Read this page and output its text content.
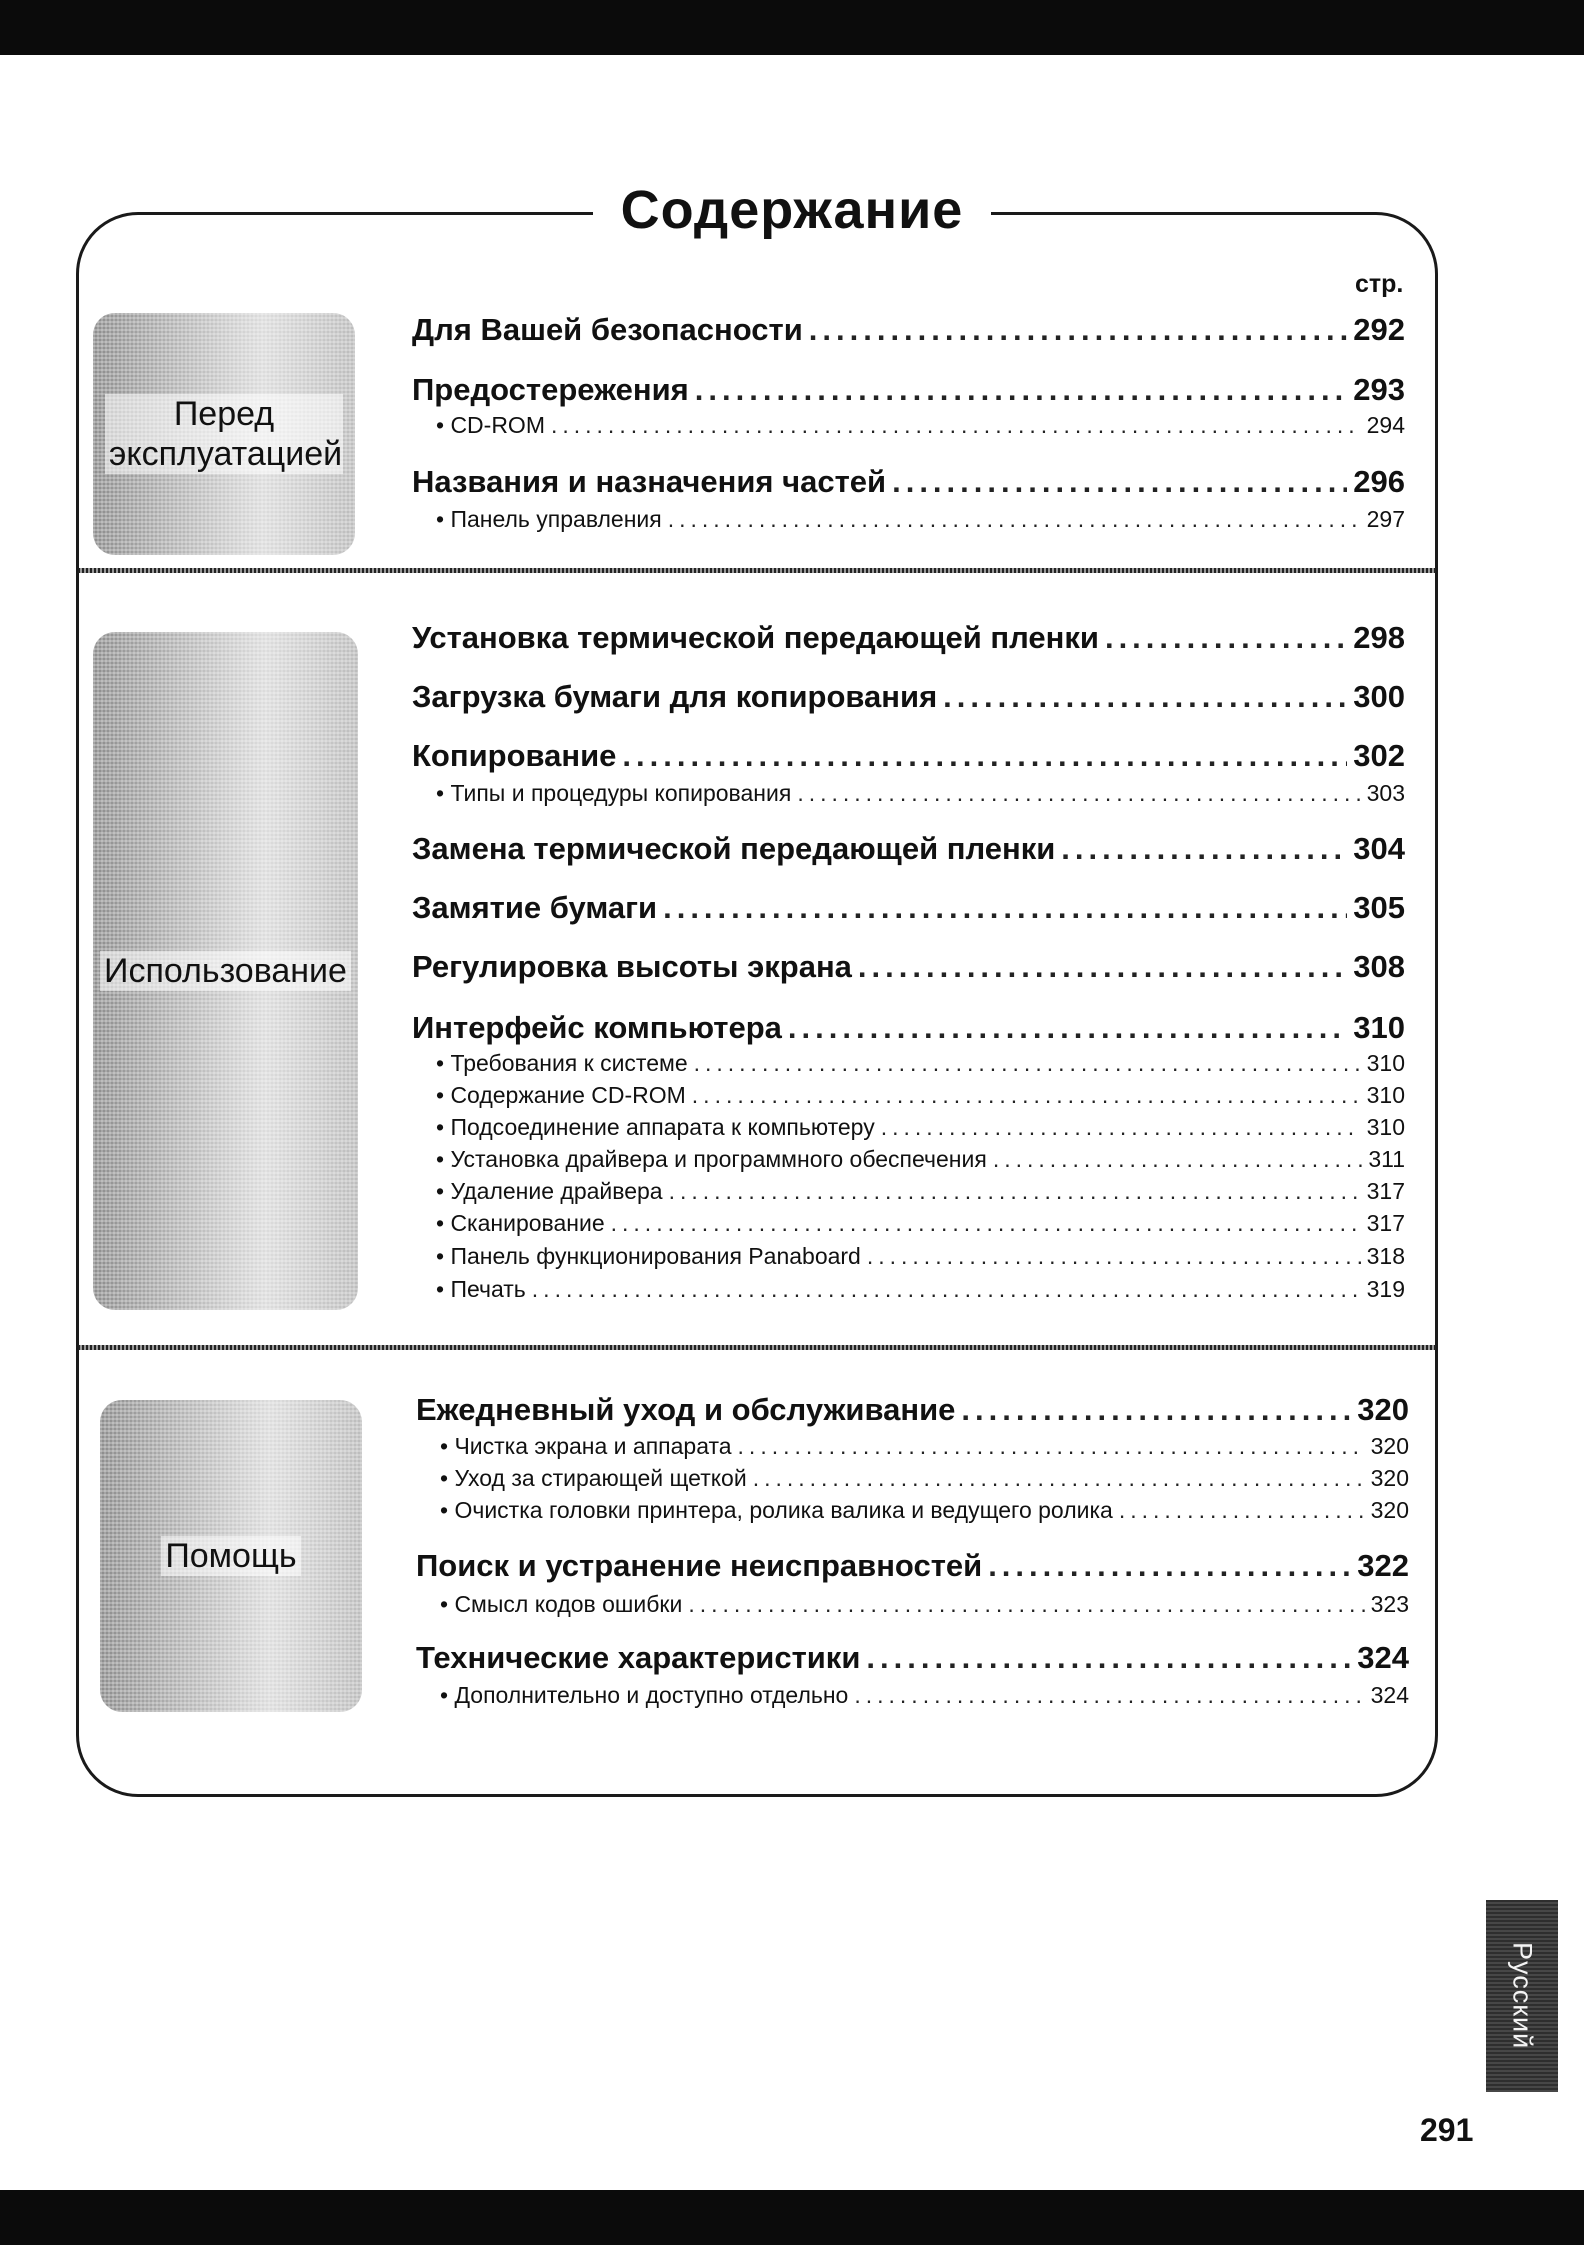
Содержание
стр.
Перед эксплуатацией
Использование
Помощь
Для Вашей безопасности .....	292
Предостережения .....	293
• CD-ROM .....	294
Названия и назначения частей .....	296
• Панель управления .....	297
Установка термической передающей пленки .....	298
Загрузка бумаги для копирования .....	300
Копирование .....	302
• Типы и процедуры копирования .....	303
Замена термической передающей пленки .....	304
Замятие бумаги .....	305
Регулировка высоты экрана .....	308
Интерфейс компьютера .....	310
• Требования к системе .....	310
• Содержание CD-ROM .....	310
• Подсоединение аппарата к компьютеру .....	310
• Установка драйвера и программного обеспечения .....	311
• Удаление драйвера .....	317
• Сканирование .....	317
• Панель функционирования Panaboard .....	318
• Печать .....	319
Ежедневный уход и обслуживание .....	320
• Чистка экрана и аппарата .....	320
• Уход за стирающей щеткой .....	320
• Очистка головки принтера, ролика валика и ведущего ролика .....	320
Поиск и устранение неисправностей .....	322
• Смысл кодов ошибки .....	323
Технические характеристики .....	324
• Дополнительно и доступно отдельно .....	324
Русский
291
